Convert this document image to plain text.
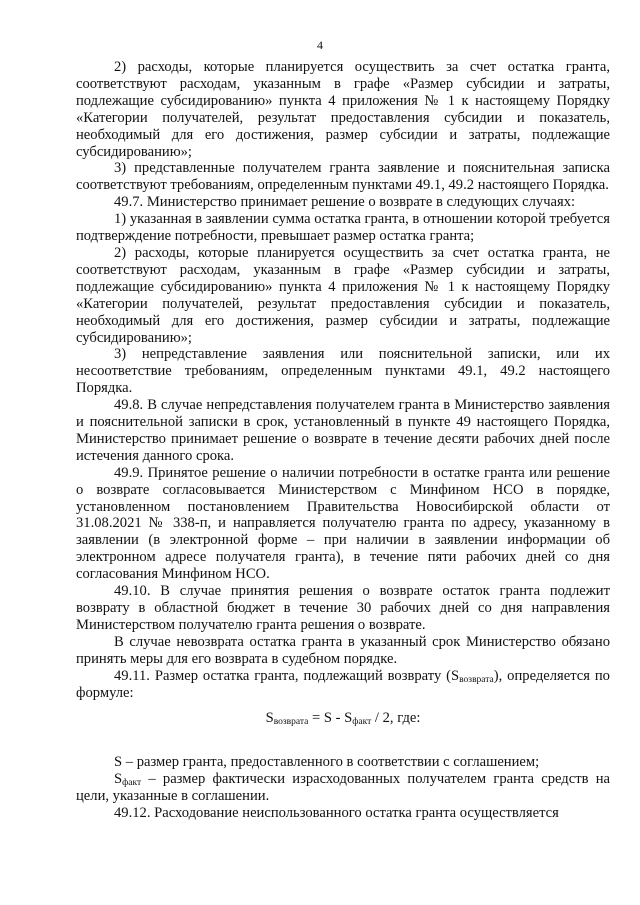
4

2) расходы, которые планируется осуществить за счет остатка гранта, соответствуют расходам, указанным в графе «Размер субсидии и затраты, подлежащие субсидированию» пункта 4 приложения № 1 к настоящему Порядку «Категории получателей, результат предоставления субсидии и показатель, необходимый для его достижения, размер субсидии и затраты, подлежащие субсидированию»;

3) представленные получателем гранта заявление и пояснительная записка соответствуют требованиям, определенным пунктами 49.1, 49.2 настоящего Порядка.

49.7. Министерство принимает решение о возврате в следующих случаях:

1) указанная в заявлении сумма остатка гранта, в отношении которой требуется подтверждение потребности, превышает размер остатка гранта;

2) расходы, которые планируется осуществить за счет остатка гранта, не соответствуют расходам, указанным в графе «Размер субсидии и затраты, подлежащие субсидированию» пункта 4 приложения № 1 к настоящему Порядку «Категории получателей, результат предоставления субсидии и показатель, необходимый для его достижения, размер субсидии и затраты, подлежащие субсидированию»;

3) непредставление заявления или пояснительной записки, или их несоответствие требованиям, определенным пунктами 49.1, 49.2 настоящего Порядка.

49.8. В случае непредставления получателем гранта в Министерство заявления и пояснительной записки в срок, установленный в пункте 49 настоящего Порядка, Министерство принимает решение о возврате в течение десяти рабочих дней после истечения данного срока.

49.9. Принятое решение о наличии потребности в остатке гранта или решение о возврате согласовывается Министерством с Минфином НСО в порядке, установленном постановлением Правительства Новосибирской области от 31.08.2021 № 338-п, и направляется получателю гранта по адресу, указанному в заявлении (в электронной форме – при наличии в заявлении информации об электронном адресе получателя гранта), в течение пяти рабочих дней со дня согласования Минфином НСО.

49.10. В случае принятия решения о возврате остаток гранта подлежит возврату в областной бюджет в течение 30 рабочих дней со дня направления Министерством получателю гранта решения о возврате.

В случае невозврата остатка гранта в указанный срок Министерство обязано принять меры для его возврата в судебном порядке.

49.11. Размер остатка гранта, подлежащий возврату $(S_{возврата})$, определяется по формуле:

$S_{возврата} = S - S_{факт} / 2$, где:

S – размер гранта, предоставленного в соответствии с соглашением;

$S_{факт}$ – размер фактически израсходованных получателем гранта средств на цели, указанные в соглашении.

49.12. Расходование неиспользованного остатка гранта осуществляется
